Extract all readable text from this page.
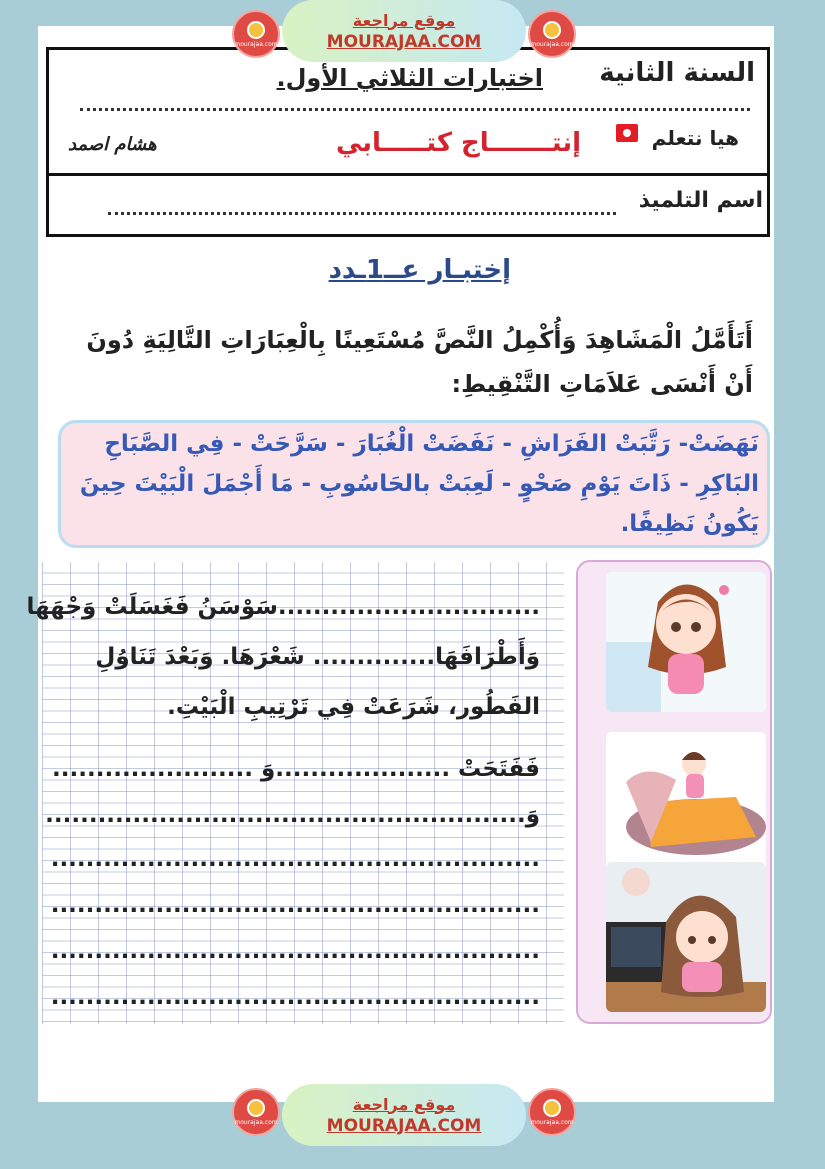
mourajaa.com
موقع مراجعة
MOURAJAA.COM	mourajaa.com
السنة الثانية
اختبارات الثلاثي الأول.
هيا نتعلم
إنتـــــــاج كتـــــابي
هشام اصمد
اسم التلميذ
إختبـار عــ1ـدد
أَتَأَمَّلُ الْمَشَاهِدَ وَأُكْمِلُ النَّصَّ مُسْتَعِينًا بِالْعِبَارَاتِ التَّالِيَةِ دُونَ أَنْ أَنْسَى عَلاَمَاتِ التَّنْقِيطِ:
نَهَضَتْ- رَتَّبَتْ الفَرَاشِ - نَفَضَتْ الْغُبَارَ - سَرَّحَتْ - فِي الصَّبَاحِ البَاكِرِ - ذَاتَ يَوْمِ صَحْوٍ - لَعِبَتْ بالحَاسُوبِ - مَا أَجْمَلَ الْبَيْتَ حِينَ يَكُونُ نَظِيفًا.
..............................سَوْسَنُ فَغَسَلَتْ وَجْهَهَا
وَأَطْرَافَهَا.............. شَعْرَهَا. وَبَعْدَ تَنَاوُلِ
الفَطُور، شَرَعَتْ فِي تَرْتِيبِ الْبَيْتِ.
فَفَتَحَتْ ....................وَ .......................
وَ.......................................................
........................................................
........................................................
........................................................
........................................................
mourajaa.com
موقع مراجعة
MOURAJAA.COM	mourajaa.com
